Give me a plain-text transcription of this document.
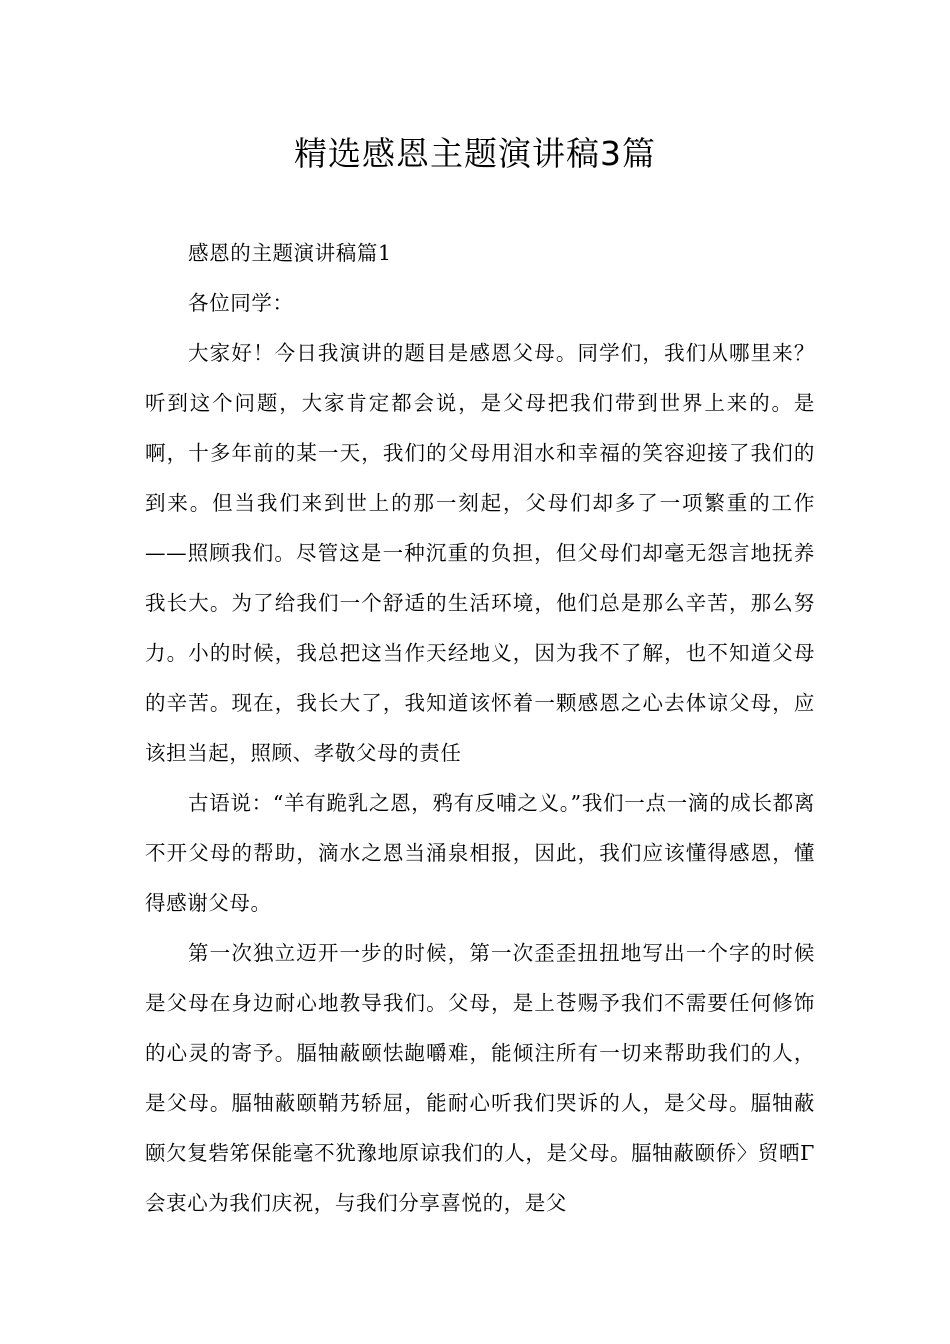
精选感恩主题演讲稿3篇

感恩的主题演讲稿篇1

各位同学：

大家好！今日我演讲的题目是感恩父母。同学们，我们从哪里来？听到这个问题，大家肯定都会说，是父母把我们带到世界上来的。是啊，十多年前的某一天，我们的父母用泪水和幸福的笑容迎接了我们的到来。但当我们来到世上的那一刻起，父母们却多了一项繁重的工作——照顾我们。尽管这是一种沉重的负担，但父母们却毫无怨言地抚养我长大。为了给我们一个舒适的生活环境，他们总是那么辛苦，那么努力。小的时候，我总把这当作天经地义，因为我不了解，也不知道父母的辛苦。现在，我长大了，我知道该怀着一颗感恩之心去体谅父母，应该担当起，照顾、孝敬父母的责任

古语说：“羊有跪乳之恩，鸦有反哺之义。”我们一点一滴的成长都离不开父母的帮助，滴水之恩当涌泉相报，因此，我们应该懂得感恩，懂得感谢父母。

第一次独立迈开一步的时候，第一次歪歪扭扭地写出一个字的时候是父母在身边耐心地教导我们。父母，是上苍赐予我们不需要任何修饰的心灵的寄予。腷牰蔽颐怯龅嚼难，能倾注所有一切来帮助我们的人，是父母。腷牰蔽颐鞘艿轿屈，能耐心听我们哭诉的人，是父母。腷牰蔽颐欠复砦笫保能毫不犹豫地原谅我们的人，是父母。腷牰蔽颐侨〉贸晒Γ会衷心为我们庆祝，与我们分享喜悦的，是父
